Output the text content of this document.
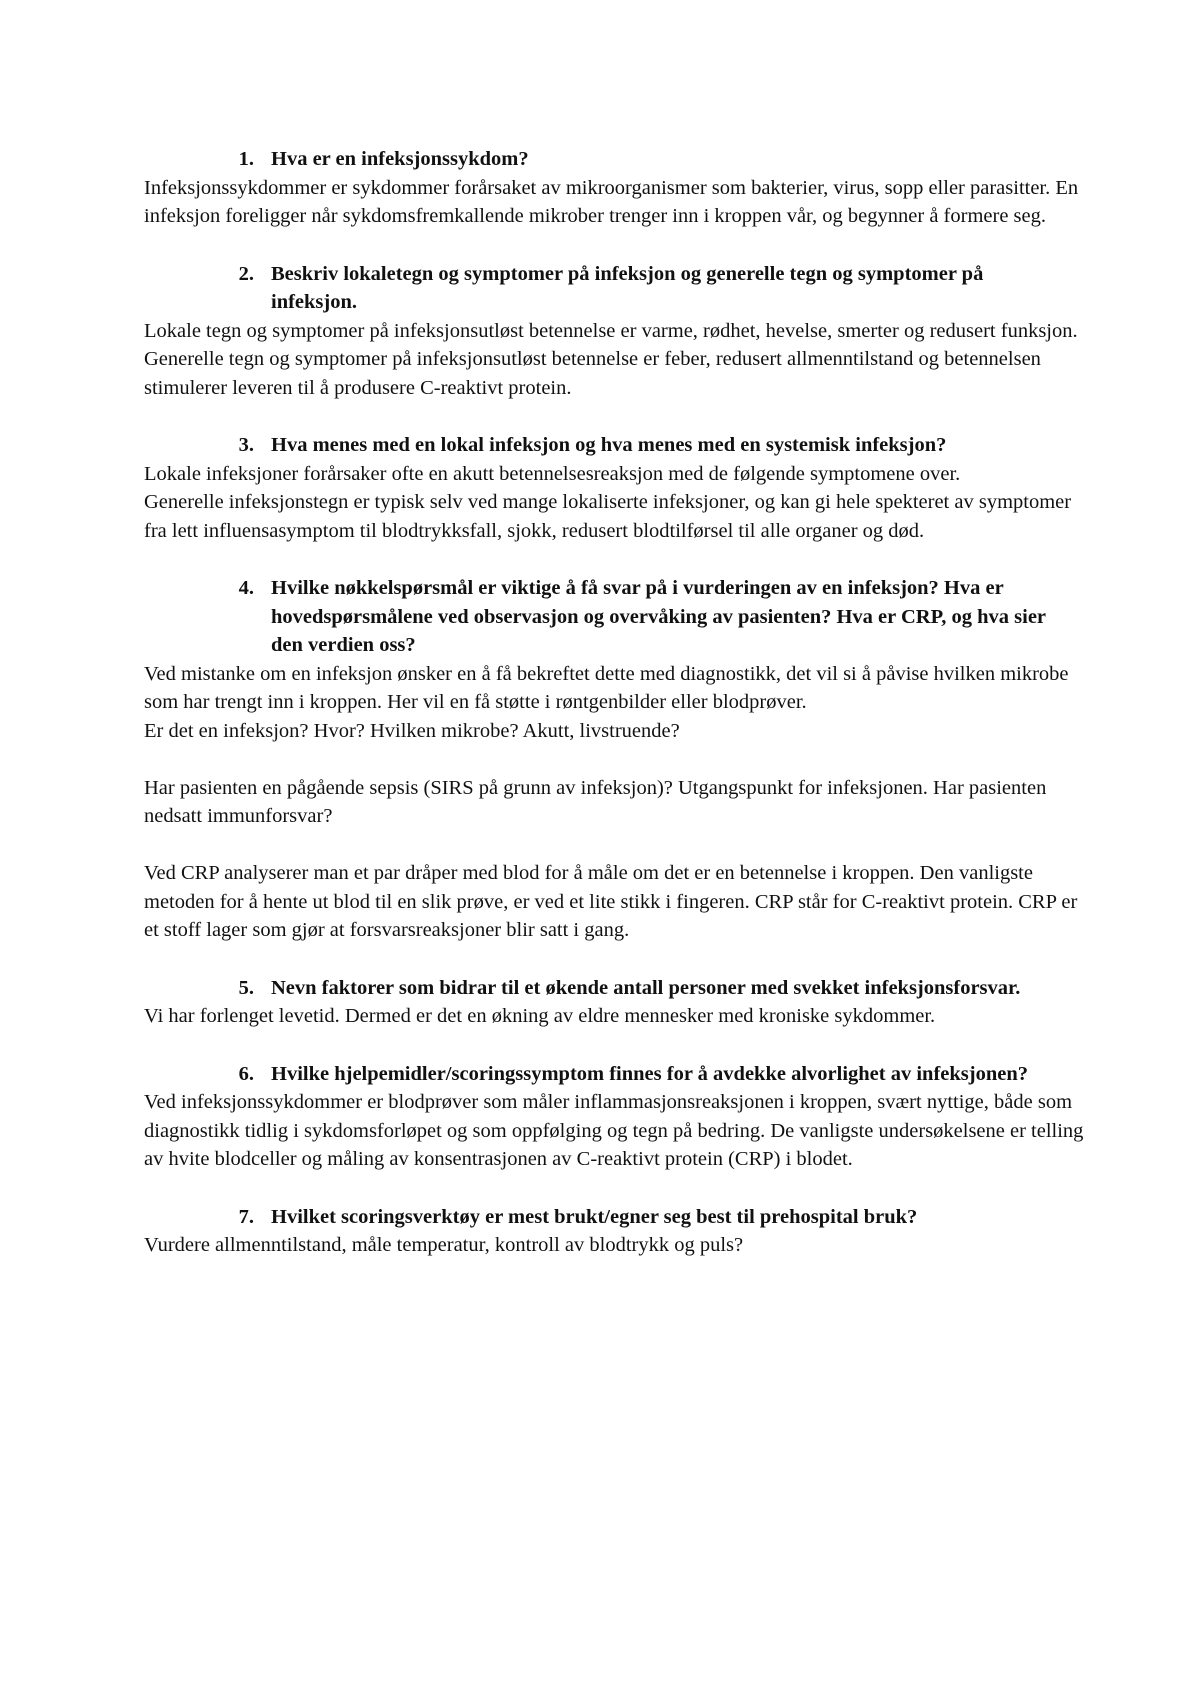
1. Hva er en infeksjonssykdom?

Infeksjonssykdommer er sykdommer forårsaket av mikroorganismer som bakterier, virus, sopp eller parasitter. En infeksjon foreligger når sykdomsfremkallende mikrober trenger inn i kroppen vår, og begynner å formere seg.

2. Beskriv lokaletegn og symptomer på infeksjon og generelle tegn og symptomer på infeksjon.

Lokale tegn og symptomer på infeksjonsutløst betennelse er varme, rødhet, hevelse, smerter og redusert funksjon.

Generelle tegn og symptomer på infeksjonsutløst betennelse er feber, redusert allmenntilstand og betennelsen stimulerer leveren til å produsere C-reaktivt protein.

3. Hva menes med en lokal infeksjon og hva menes med en systemisk infeksjon?

Lokale infeksjoner forårsaker ofte en akutt betennelsesreaksjon med de følgende symptomene over.

Generelle infeksjonstegn er typisk selv ved mange lokaliserte infeksjoner, og kan gi hele spekteret av symptomer fra lett influensasymptom til blodtrykksfall, sjokk, redusert blodtilførsel til alle organer og død.

4. Hvilke nøkkelspørsmål er viktige å få svar på i vurderingen av en infeksjon? Hva er hovedspørsmålene ved observasjon og overvåking av pasienten? Hva er CRP, og hva sier den verdien oss?

Ved mistanke om en infeksjon ønsker en å få bekreftet dette med diagnostikk, det vil si å påvise hvilken mikrobe som har trengt inn i kroppen. Her vil en få støtte i røntgenbilder eller blodprøver.

Er det en infeksjon? Hvor? Hvilken mikrobe? Akutt, livstruende?

Har pasienten en pågående sepsis (SIRS på grunn av infeksjon)? Utgangspunkt for infeksjonen. Har pasienten nedsatt immunforsvar?

Ved CRP analyserer man et par dråper med blod for å måle om det er en betennelse i kroppen. Den vanligste metoden for å hente ut blod til en slik prøve, er ved et lite stikk i fingeren. CRP står for C-reaktivt protein. CRP er et stoff lager som gjør at forsvarsreaksjoner blir satt i gang.

5. Nevn faktorer som bidrar til et økende antall personer med svekket infeksjonsforsvar.

Vi har forlenget levetid. Dermed er det en økning av eldre mennesker med kroniske sykdommer.

6. Hvilke hjelpemidler/scoringssymptom finnes for å avdekke alvorlighet av infeksjonen?

Ved infeksjonssykdommer er blodprøver som måler inflammasjonsreaksjonen i kroppen, svært nyttige, både som diagnostikk tidlig i sykdomsforløpet og som oppfølging og tegn på bedring. De vanligste undersøkelsene er telling av hvite blodceller og måling av konsentrasjonen av C-reaktivt protein (CRP) i blodet.

7. Hvilket scoringsverktøy er mest brukt/egner seg best til prehospital bruk?

Vurdere allmenntilstand, måle temperatur, kontroll av blodtrykk og puls?
